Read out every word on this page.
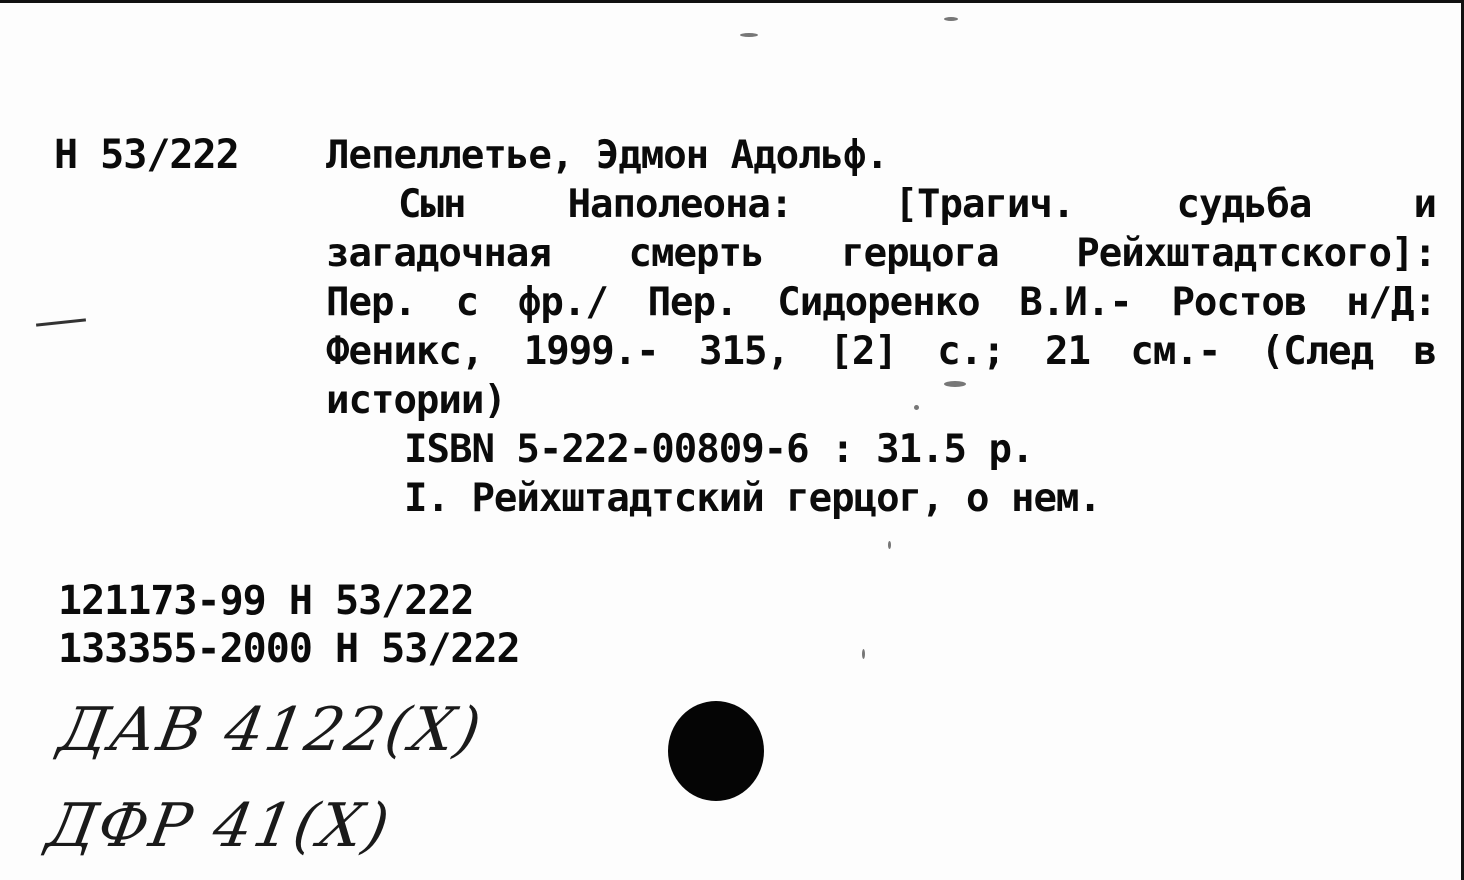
Н 53/222 Лепеллетье, Эдмон Адольф.
Сын Наполеона: [Трагич. судьба и
загадочная смерть герцога Рейхштадтского]:
Пер. с фр./ Пер. Сидоренко В.И.- Ростов н/Д:
Феникс, 1999.- 315, [2] с.; 21 см.- (След в
истории)
ISBN 5-222-00809-6 : 31.5 р.
I. Рейхштадтский герцог, о нем.
121173-99 Н 53/222
133355-2000 Н 53/222
ДАВ 4122(Х)
ДФР 41(Х)
